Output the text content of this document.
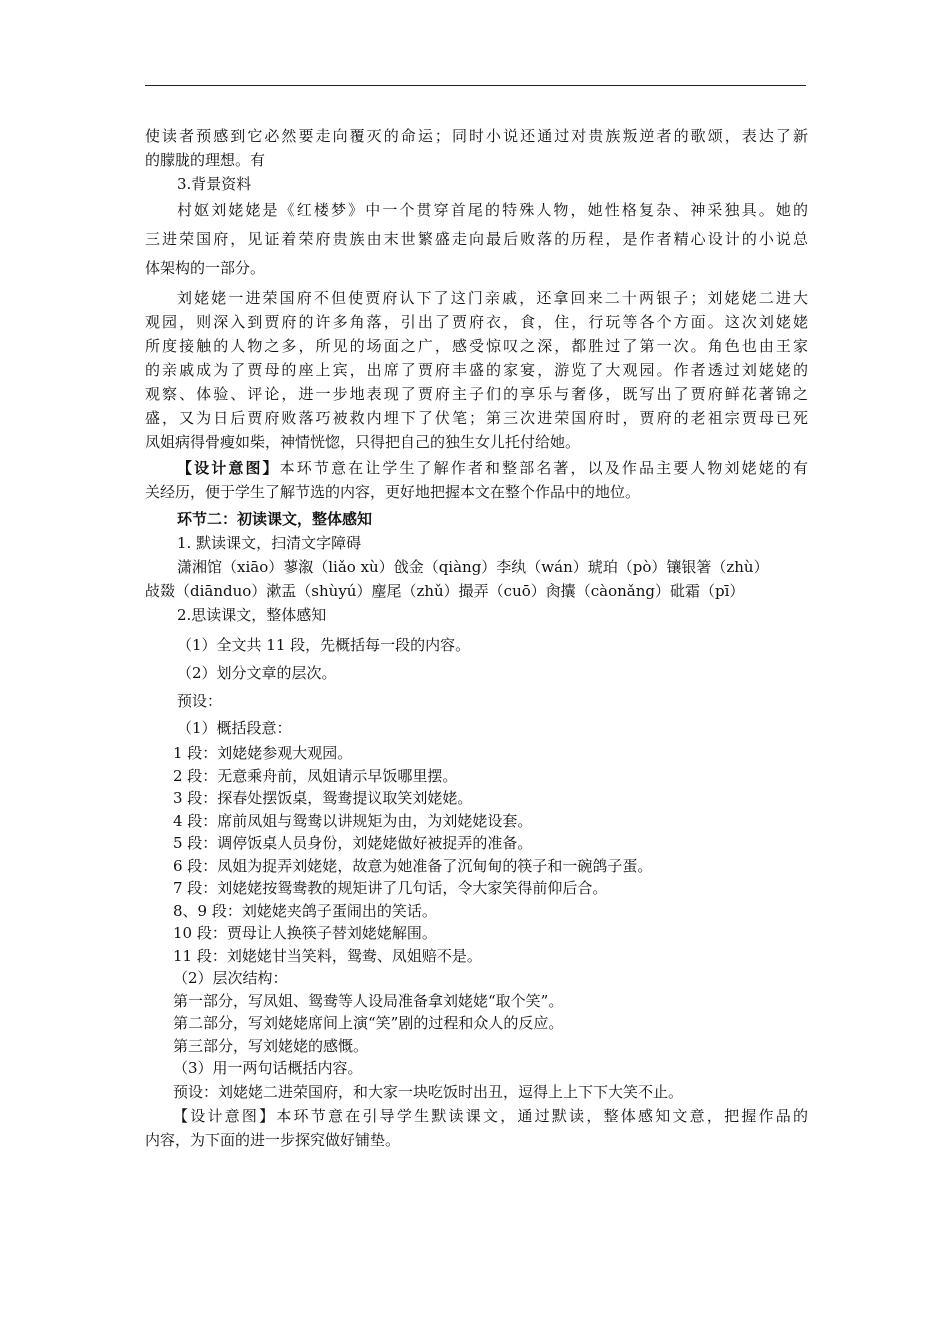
使读者预感到它必然要走向覆灭的命运；同时小说还通过对贵族叛逆者的歌颂，表达了新

的朦胧的理想。有

3.背景资料

村妪刘姥姥是《红楼梦》中一个贯穿首尾的特殊人物，她性格复杂、神采独具。她的

三进荣国府，见证着荣府贵族由末世繁盛走向最后败落的历程，是作者精心设计的小说总

体架构的一部分。

刘姥姥一进荣国府不但使贾府认下了这门亲戚，还拿回来二十两银子；刘姥姥二进大

观园，则深入到贾府的许多角落，引出了贾府衣，食，住，行玩等各个方面。这次刘姥姥

所度接触的人物之多，所见的场面之广，感受惊叹之深，都胜过了第一次。角色也由王家

的亲戚成为了贾母的座上宾，出席了贾府丰盛的家宴，游览了大观园。作者透过刘姥姥的

观察、体验、评论，进一步地表现了贾府主子们的享乐与奢侈，既写出了贾府鲜花著锦之

盛，又为日后贾府败落巧被救内埋下了伏笔；第三次进荣国府时，贾府的老祖宗贾母已死

凤姐病得骨瘦如柴，神情恍惚，只得把自己的独生女儿托付给她。

【设计意图】本环节意在让学生了解作者和整部名著，以及作品主要人物刘姥姥的有

关经历，便于学生了解节选的内容，更好地把握本文在整个作品中的地位。

环节二：初读课文，整体感知

1. 默读课文，扫清文字障碍

潇湘馆（xiāo）蓼溆（liǎo xù）戗金（qiàng）李纨（wán）琥珀（pò）镶银箸（zhù）

敁敠（diānduo）漱盂（shùyú）麈尾（zhǔ）撮弄（cuō）肏攮（càonǎng）砒霜（pī）

2.思读课文，整体感知

（1）全文共 11 段，先概括每一段的内容。

（2）划分文章的层次。

预设：

（1）概括段意：

1 段：刘姥姥参观大观园。

2 段：无意乘舟前，凤姐请示早饭哪里摆。

3 段：探春处摆饭桌，鸳鸯提议取笑刘姥姥。

4 段：席前凤姐与鸳鸯以讲规矩为由，为刘姥姥设套。

5 段：调停饭桌人员身份，刘姥姥做好被捉弄的准备。

6 段：凤姐为捉弄刘姥姥，故意为她准备了沉甸甸的筷子和一碗鸽子蛋。

7 段：刘姥姥按鸳鸯教的规矩讲了几句话，令大家笑得前仰后合。

8、9 段：刘姥姥夹鸽子蛋闹出的笑话。

10 段：贾母让人换筷子替刘姥姥解围。

11 段：刘姥姥甘当笑料，鸳鸯、凤姐赔不是。

（2）层次结构：

第一部分，写凤姐、鸳鸯等人设局准备拿刘姥姥“取个笑”。

第二部分，写刘姥姥席间上演“笑”剧的过程和众人的反应。

第三部分，写刘姥姥的感慨。

（3）用一两句话概括内容。

预设：刘姥姥二进荣国府，和大家一块吃饭时出丑，逗得上上下下大笑不止。

【设计意图】本环节意在引导学生默读课文，通过默读，整体感知文意，把握作品的

内容，为下面的进一步探究做好铺垫。
